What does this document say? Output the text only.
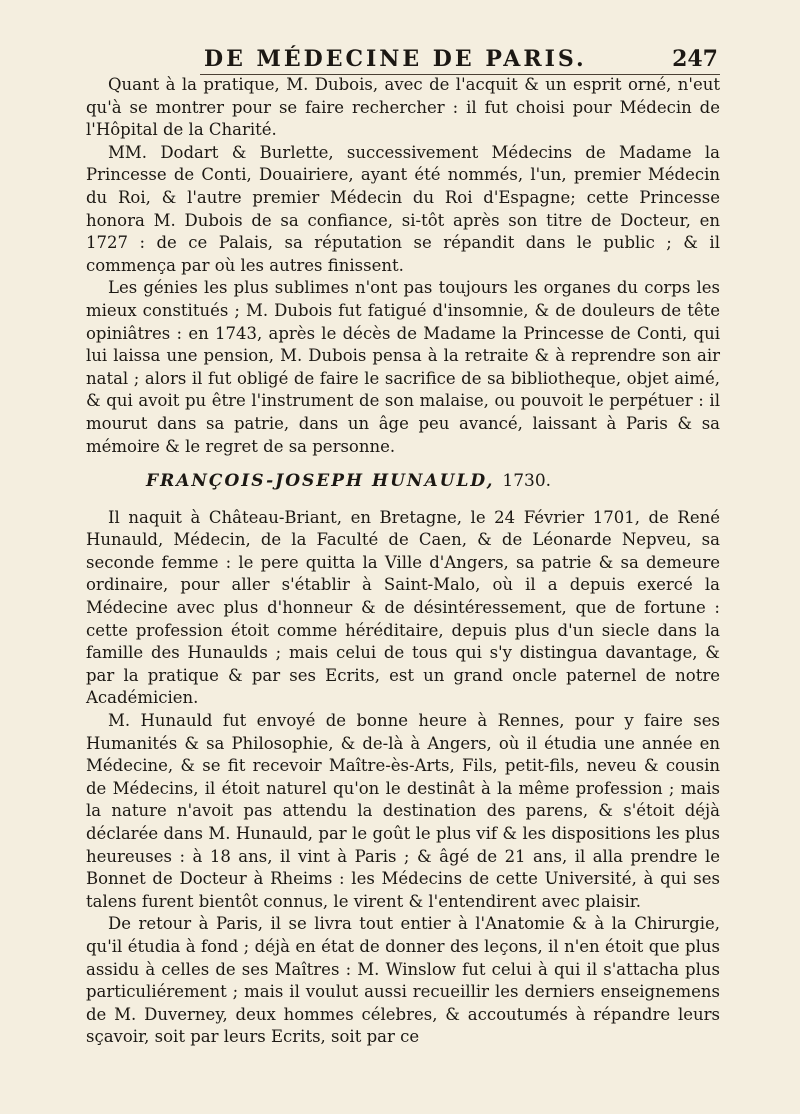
DE MÉDECINE DE PARIS.	247

Quant à la pratique, M. Dubois, avec de l'acquit & un esprit orné, n'eut qu'à se montrer pour se faire rechercher : il fut choisi pour Médecin de l'Hôpital de la Charité.

MM. Dodart & Burlette, successivement Médecins de Madame la Princesse de Conti, Douairiere, ayant été nommés, l'un, premier Médecin du Roi, & l'autre premier Médecin du Roi d'Espagne; cette Princesse honora M. Dubois de sa confiance, si-tôt après son titre de Docteur, en 1727 : de ce Palais, sa réputation se répandit dans le public ; & il commença par où les autres finissent.

Les génies les plus sublimes n'ont pas toujours les organes du corps les mieux constitués ; M. Dubois fut fatigué d'insomnie, & de douleurs de tête opiniâtres : en 1743, après le décès de Madame la Princesse de Conti, qui lui laissa une pension, M. Dubois pensa à la retraite & à reprendre son air natal ; alors il fut obligé de faire le sacrifice de sa bibliotheque, objet aimé, & qui avoit pu être l'instrument de son malaise, ou pouvoit le perpétuer : il mourut dans sa patrie, dans un âge peu avancé, laissant à Paris & sa mémoire & le regret de sa personne.

FRANÇOIS-JOSEPH HUNAULD, 1730.

Il naquit à Château-Briant, en Bretagne, le 24 Février 1701, de René Hunauld, Médecin, de la Faculté de Caen, & de Léonarde Nepveu, sa seconde femme : le pere quitta la Ville d'Angers, sa patrie & sa demeure ordinaire, pour aller s'établir à Saint-Malo, où il a depuis exercé la Médecine avec plus d'honneur & de désintéressement, que de fortune : cette profession étoit comme héréditaire, depuis plus d'un siecle dans la famille des Hunaulds ; mais celui de tous qui s'y distingua davantage, & par la pratique & par ses Ecrits, est un grand oncle paternel de notre Académicien.

M. Hunauld fut envoyé de bonne heure à Rennes, pour y faire ses Humanités & sa Philosophie, & de-là à Angers, où il étudia une année en Médecine, & se fit recevoir Maître-ès-Arts, Fils, petit-fils, neveu & cousin de Médecins, il étoit naturel qu'on le destinât à la même profession ; mais la nature n'avoit pas attendu la destination des parens, & s'étoit déjà déclarée dans M. Hunauld, par le goût le plus vif & les dispositions les plus heureuses : à 18 ans, il vint à Paris ; & âgé de 21 ans, il alla prendre le Bonnet de Docteur à Rheims : les Médecins de cette Université, à qui ses talens furent bientôt connus, le virent & l'entendirent avec plaisir.

De retour à Paris, il se livra tout entier à l'Anatomie & à la Chirurgie, qu'il étudia à fond ; déjà en état de donner des leçons, il n'en étoit que plus assidu à celles de ses Maîtres : M. Winslow fut celui à qui il s'attacha plus particuliérement ; mais il voulut aussi recueillir les derniers enseignemens de M. Duverney, deux hommes célebres, & accoutumés à répandre leurs sçavoir, soit par leurs Ecrits, soit par ce
